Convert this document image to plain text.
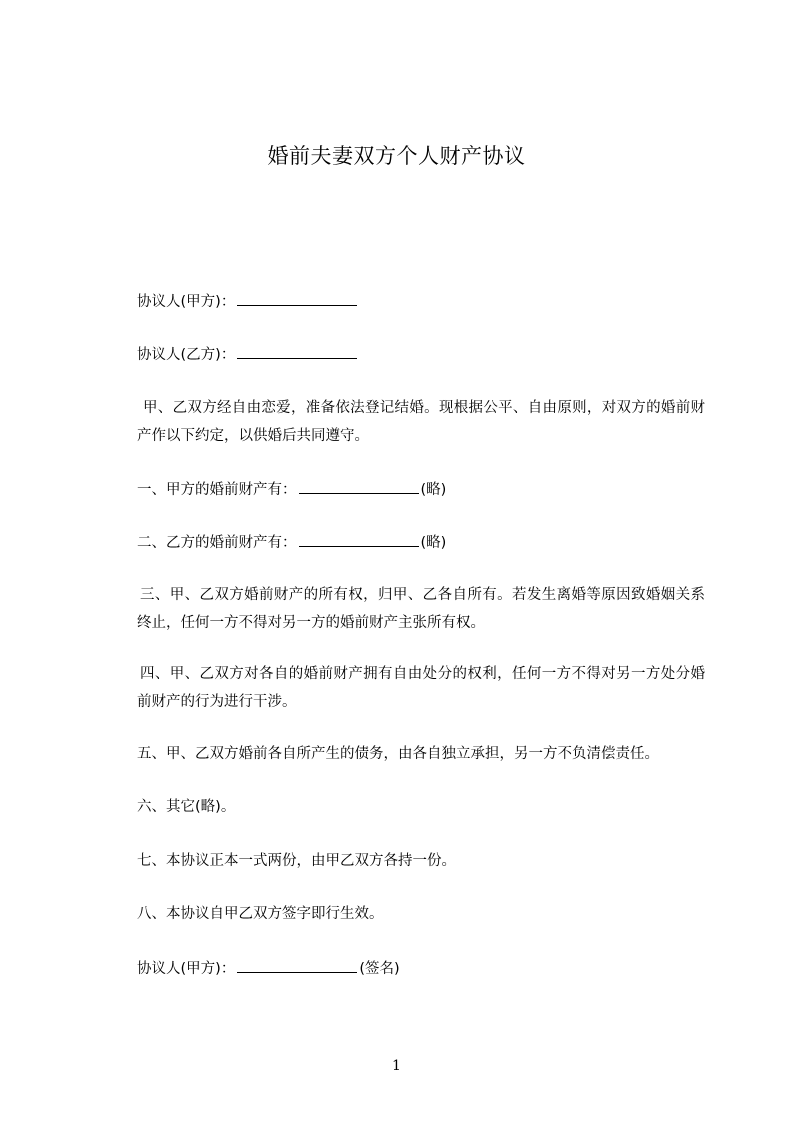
婚前夫妻双方个人财产协议
协议人(甲方)：
协议人(乙方)：
甲、乙双方经自由恋爱，准备依法登记结婚。现根据公平、自由原则，对双方的婚前财产作以下约定，以供婚后共同遵守。
一、甲方的婚前财产有：	(略)
二、乙方的婚前财产有：	(略)
三、甲、乙双方婚前财产的所有权，归甲、乙各自所有。若发生离婚等原因致婚姻关系终止，任何一方不得对另一方的婚前财产主张所有权。
四、甲、乙双方对各自的婚前财产拥有自由处分的权利，任何一方不得对另一方处分婚前财产的行为进行干涉。
五、甲、乙双方婚前各自所产生的债务，由各自独立承担，另一方不负清偿责任。
六、其它(略)。
七、本协议正本一式两份，由甲乙双方各持一份。
八、本协议自甲乙双方签字即行生效。
协议人(甲方)：	(签名)
1
